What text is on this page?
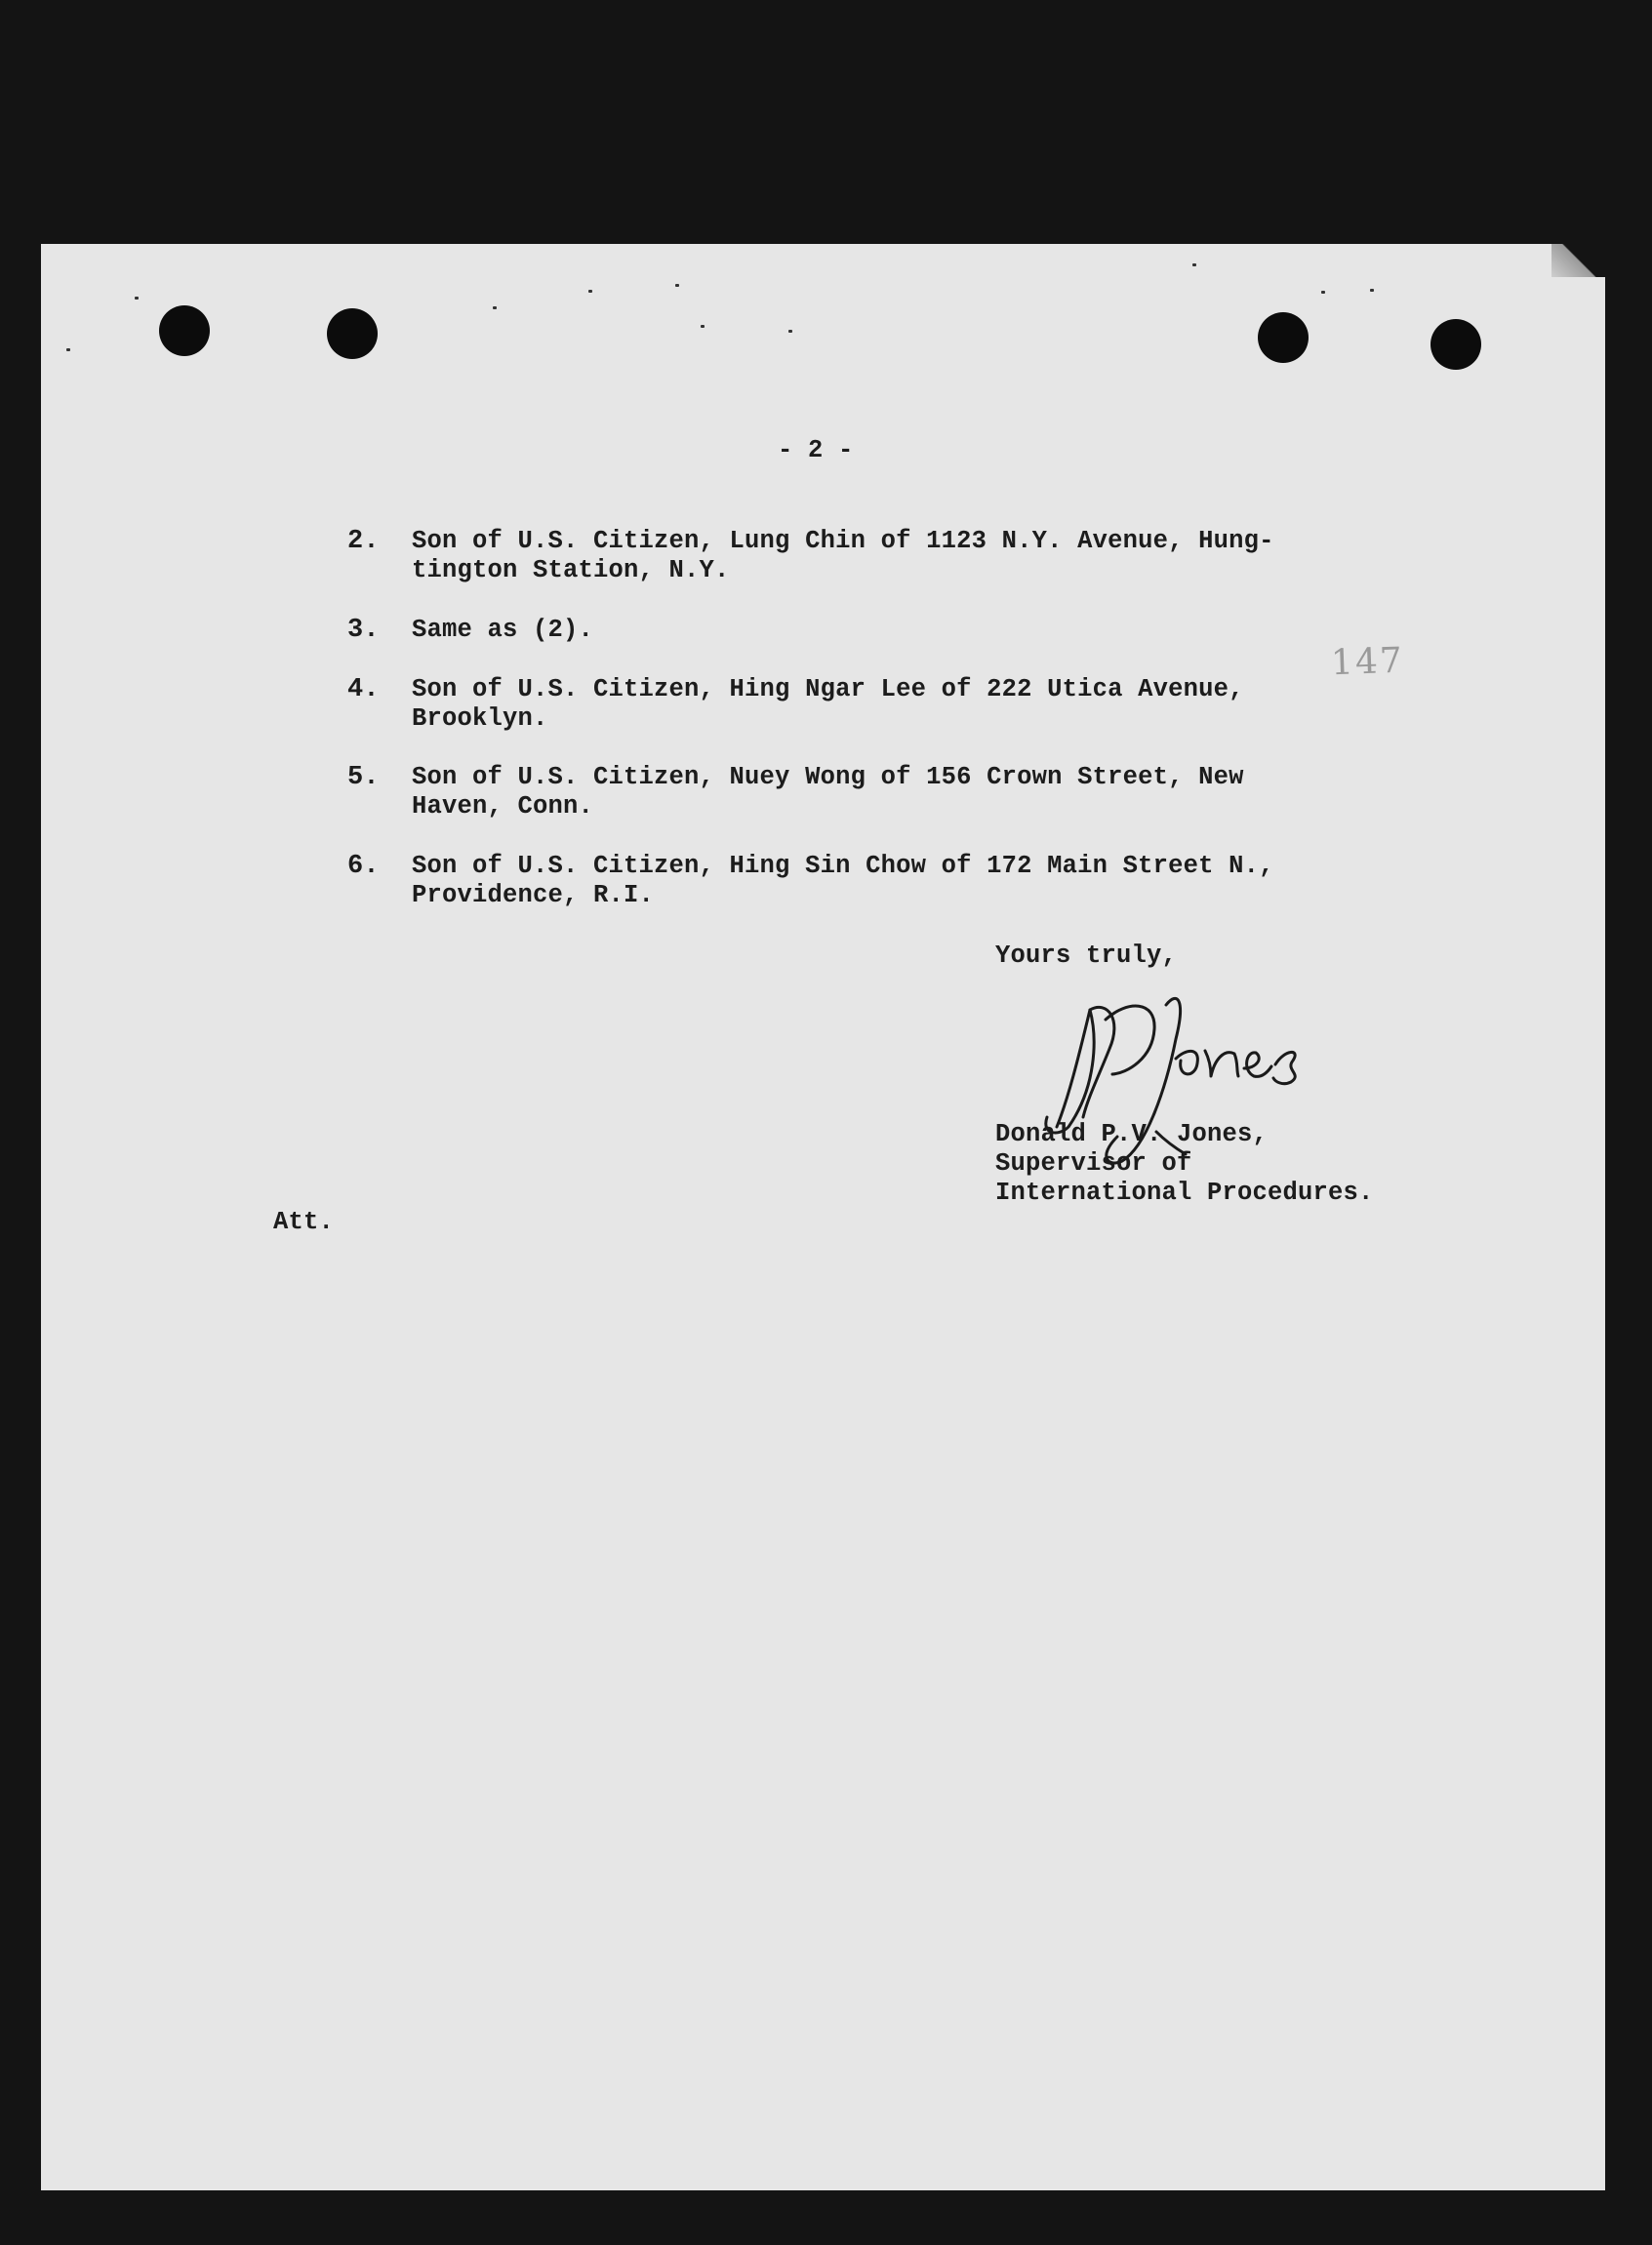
- 2 -
2.	Son of U.S. Citizen, Lung Chin of 1123 N.Y. Avenue, Hung-
tington Station, N.Y.
3.	Same as (2).
4.	Son of U.S. Citizen, Hing Ngar Lee of 222 Utica Avenue,
Brooklyn.
5.	Son of U.S. Citizen, Nuey Wong of 156 Crown Street, New
Haven, Conn.
6.	Son of U.S. Citizen, Hing Sin Chow of 172 Main Street N.,
Providence, R.I.
147
Yours truly,
Donald P.V. Jones,
Supervisor of
International Procedures.
Att.
